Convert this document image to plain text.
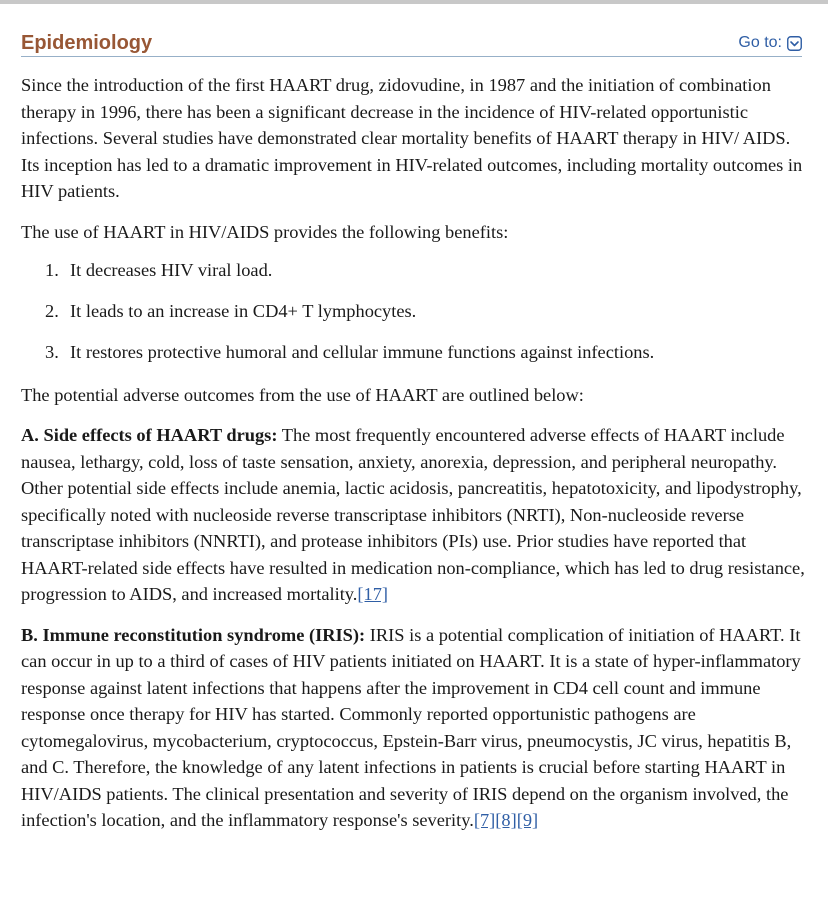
Epidemiology	Go to:

Since the introduction of the first HAART drug, zidovudine, in 1987 and the initiation of combination therapy in 1996, there has been a significant decrease in the incidence of HIV-related opportunistic infections. Several studies have demonstrated clear mortality benefits of HAART therapy in HIV/ AIDS. Its inception has led to a dramatic improvement in HIV-related outcomes, including mortality outcomes in HIV patients.

The use of HAART in HIV/AIDS provides the following benefits:

1. It decreases HIV viral load.
2. It leads to an increase in CD4+ T lymphocytes.
3. It restores protective humoral and cellular immune functions against infections.

The potential adverse outcomes from the use of HAART are outlined below:

A. Side effects of HAART drugs: The most frequently encountered adverse effects of HAART include nausea, lethargy, cold, loss of taste sensation, anxiety, anorexia, depression, and peripheral neuropathy. Other potential side effects include anemia, lactic acidosis, pancreatitis, hepatotoxicity, and lipodystrophy, specifically noted with nucleoside reverse transcriptase inhibitors (NRTI), Non-nucleoside reverse transcriptase inhibitors (NNRTI), and protease inhibitors (PIs) use. Prior studies have reported that HAART-related side effects have resulted in medication non-compliance, which has led to drug resistance, progression to AIDS, and increased mortality.[17]

B. Immune reconstitution syndrome (IRIS): IRIS is a potential complication of initiation of HAART. It can occur in up to a third of cases of HIV patients initiated on HAART. It is a state of hyper-inflammatory response against latent infections that happens after the improvement in CD4 cell count and immune response once therapy for HIV has started. Commonly reported opportunistic pathogens are cytomegalovirus, mycobacterium, cryptococcus, Epstein-Barr virus, pneumocystis, JC virus, hepatitis B, and C. Therefore, the knowledge of any latent infections in patients is crucial before starting HAART in HIV/AIDS patients. The clinical presentation and severity of IRIS depend on the organism involved, the infection's location, and the inflammatory response's severity.[7][8][9]
